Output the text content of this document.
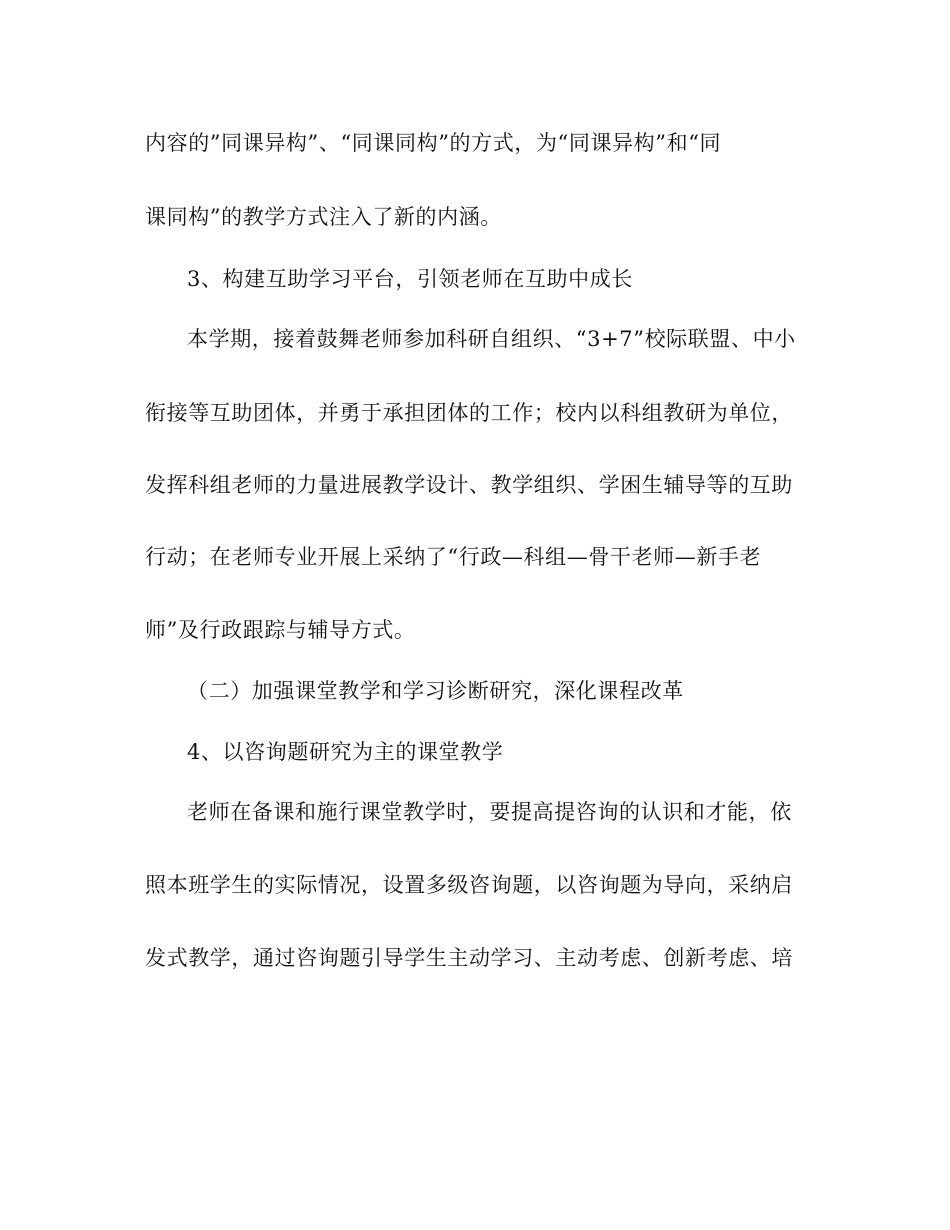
内容的”同课异构”、“同课同构”的方式，为“同课异构”和“同
课同构”的教学方式注入了新的内涵。
3、构建互助学习平台，引领老师在互助中成长
本学期，接着鼓舞老师参加科研自组织、“3+7”校际联盟、中小
衔接等互助团体，并勇于承担团体的工作；校内以科组教研为单位，
发挥科组老师的力量进展教学设计、教学组织、学困生辅导等的互助
行动；在老师专业开展上采纳了“行政—科组—骨干老师—新手老
师”及行政跟踪与辅导方式。
（二）加强课堂教学和学习诊断研究，深化课程改革
4、以咨询题研究为主的课堂教学
老师在备课和施行课堂教学时，要提高提咨询的认识和才能，依
照本班学生的实际情况，设置多级咨询题，以咨询题为导向，采纳启
发式教学，通过咨询题引导学生主动学习、主动考虑、创新考虑、培
